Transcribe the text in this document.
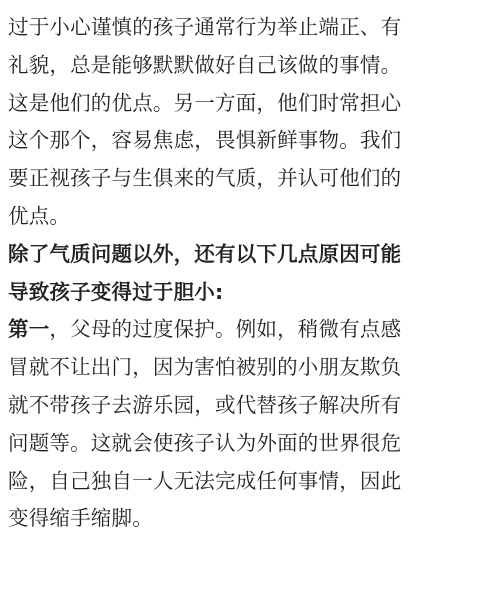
过于小心谨慎的孩子通常行为举止端正、有
礼貌，总是能够默默做好自己该做的事情。
这是他们的优点。另一方面，他们时常担心
这个那个，容易焦虑，畏惧新鲜事物。我们
要正视孩子与生俱来的气质，并认可他们的
优点。
除了气质问题以外，还有以下几点原因可能
导致孩子变得过于胆小:
第一，父母的过度保护。例如，稍微有点感
冒就不让出门，因为害怕被别的小朋友欺负
就不带孩子去游乐园，或代替孩子解决所有
问题等。这就会使孩子认为外面的世界很危
险，自己独自一人无法完成任何事情，因此
变得缩手缩脚。
